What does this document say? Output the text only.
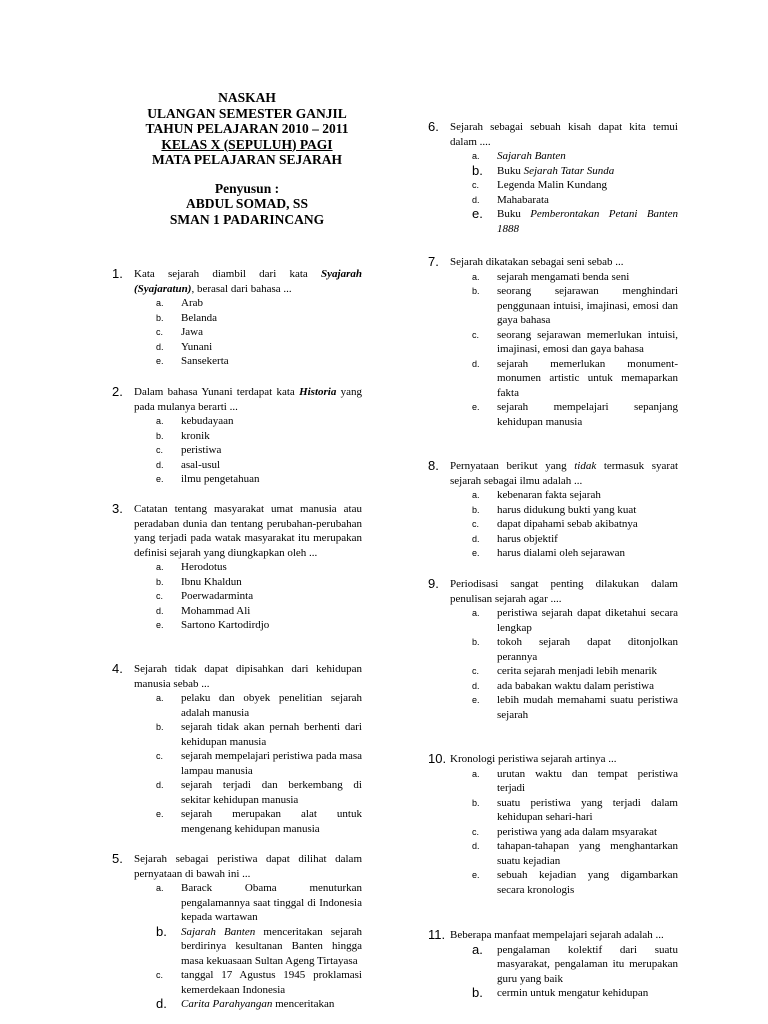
NASKAH
ULANGAN SEMESTER GANJIL
TAHUN PELAJARAN 2010 – 2011
KELAS X (SEPULUH) PAGI
MATA PELAJARAN SEJARAH
Penyusun :
ABDUL SOMAD, SS
SMAN 1 PADARINCANG
1.	Kata sejarah diambil dari kata Syajarah (Syajaratun), berasal dari bahasa ...
a.	Arab
b.	Belanda
c.	Jawa
d.	Yunani
e.	Sansekerta
2.	Dalam bahasa Yunani terdapat kata Historia yang pada mulanya berarti ...
a.	kebudayaan
b.	kronik
c.	peristiwa
d.	asal-usul
e.	ilmu pengetahuan
3.	Catatan tentang masyarakat umat manusia atau peradaban dunia dan tentang perubahan-perubahan yang terjadi pada watak masyarakat itu merupakan definisi sejarah yang diungkapkan oleh ...
a.	Herodotus
b.	Ibnu Khaldun
c.	Poerwadarminta
d.	Mohammad Ali
e.	Sartono Kartodirdjo
4.	Sejarah tidak dapat dipisahkan dari kehidupan manusia sebab ...
a.	pelaku dan obyek penelitian sejarah adalah manusia
b.	sejarah tidak akan pernah berhenti dari kehidupan manusia
c.	sejarah mempelajari peristiwa pada masa lampau manusia
d.	sejarah terjadi dan berkembang di sekitar kehidupan manusia
e.	sejarah merupakan alat untuk mengenang kehidupan manusia
5.	Sejarah sebagai peristiwa dapat dilihat dalam pernyataan di bawah ini ...
a.	Barack Obama menuturkan pengalamannya saat tinggal di Indonesia kepada wartawan
b.	Sajarah Banten menceritakan sejarah berdirinya kesultanan Banten hingga masa kekuasaan Sultan Ageng Tirtayasa
c.	tanggal 17 Agustus 1945 proklamasi kemerdekaan Indonesia
d.	Carita Parahyangan menceritakan
6.	Sejarah sebagai sebuah kisah dapat kita temui dalam ....
a.	Sajarah Banten
b.	Buku Sejarah Tatar Sunda
c.	Legenda Malin Kundang
d.	Mahabarata
e.	Buku Pemberontakan Petani Banten 1888
7.	Sejarah dikatakan sebagai seni sebab ...
a.	sejarah mengamati benda seni
b.	seorang sejarawan menghindari penggunaan intuisi, imajinasi, emosi dan gaya bahasa
c.	seorang sejarawan memerlukan intuisi, imajinasi, emosi dan gaya bahasa
d.	sejarah memerlukan monument-monumen artistic untuk memaparkan fakta
e.	sejarah mempelajari sepanjang kehidupan manusia
8.	Pernyataan berikut yang tidak termasuk syarat sejarah sebagai ilmu adalah ...
a.	kebenaran fakta sejarah
b.	harus didukung bukti yang kuat
c.	dapat dipahami sebab akibatnya
d.	harus objektif
e.	harus dialami oleh sejarawan
9.	Periodisasi sangat penting dilakukan dalam penulisan sejarah agar ....
a.	peristiwa sejarah dapat diketahui secara lengkap
b.	tokoh sejarah dapat ditonjolkan perannya
c.	cerita sejarah menjadi lebih menarik
d.	ada babakan waktu dalam peristiwa
e.	lebih mudah memahami suatu peristiwa sejarah
10. Kronologi peristiwa sejarah artinya ...
a.	urutan waktu dan tempat peristiwa terjadi
b.	suatu peristiwa yang terjadi dalam kehidupan sehari-hari
c.	peristiwa yang ada dalam msyarakat
d.	tahapan-tahapan yang menghantarkan suatu kejadian
e.	sebuah kejadian yang digambarkan secara kronologis
11. Beberapa manfaat mempelajari sejarah adalah ...
a.	pengalaman kolektif dari suatu masyarakat, pengalaman itu merupakan guru yang baik
b.	cermin untuk mengatur kehidupan
